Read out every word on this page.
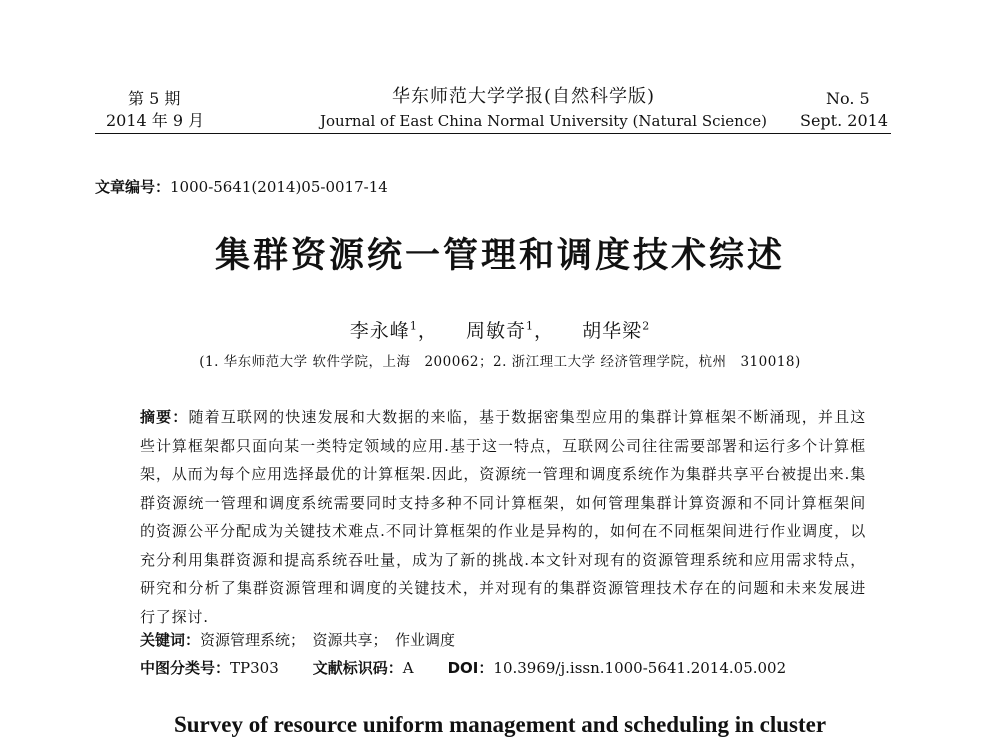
第 5 期
2014 年 9 月
华东师范大学学报(自然科学版)
Journal of East China Normal University (Natural Science)
No. 5
Sept. 2014
文章编号：1000-5641(2014)05-0017-14
集群资源统一管理和调度技术综述
李永峰$^1$，    周敏奇$^1$，    胡华梁$^2$
(1. 华东师范大学 软件学院，上海　200062；2. 浙江理工大学 经济管理学院，杭州　310018)
摘要：随着互联网的快速发展和大数据的来临，基于数据密集型应用的集群计算框架不断涌现，并且这些计算框架都只面向某一类特定领域的应用.基于这一特点，互联网公司往往需要部署和运行多个计算框架，从而为每个应用选择最优的计算框架.因此，资源统一管理和调度系统作为集群共享平台被提出来.集群资源统一管理和调度系统需要同时支持多种不同计算框架，如何管理集群计算资源和不同计算框架间的资源公平分配成为关键技术难点.不同计算框架的作业是异构的，如何在不同框架间进行作业调度，以充分利用集群资源和提高系统吞吐量，成为了新的挑战.本文针对现有的资源管理系统和应用需求特点，研究和分析了集群资源管理和调度的关键技术，并对现有的集群资源管理技术存在的问题和未来发展进行了探讨.
关键词：资源管理系统；　资源共享；　作业调度
中图分类号：TP303 文献标识码：A DOI：10.3969/j.issn.1000-5641.2014.05.002
Survey of resource uniform management and scheduling in cluster
